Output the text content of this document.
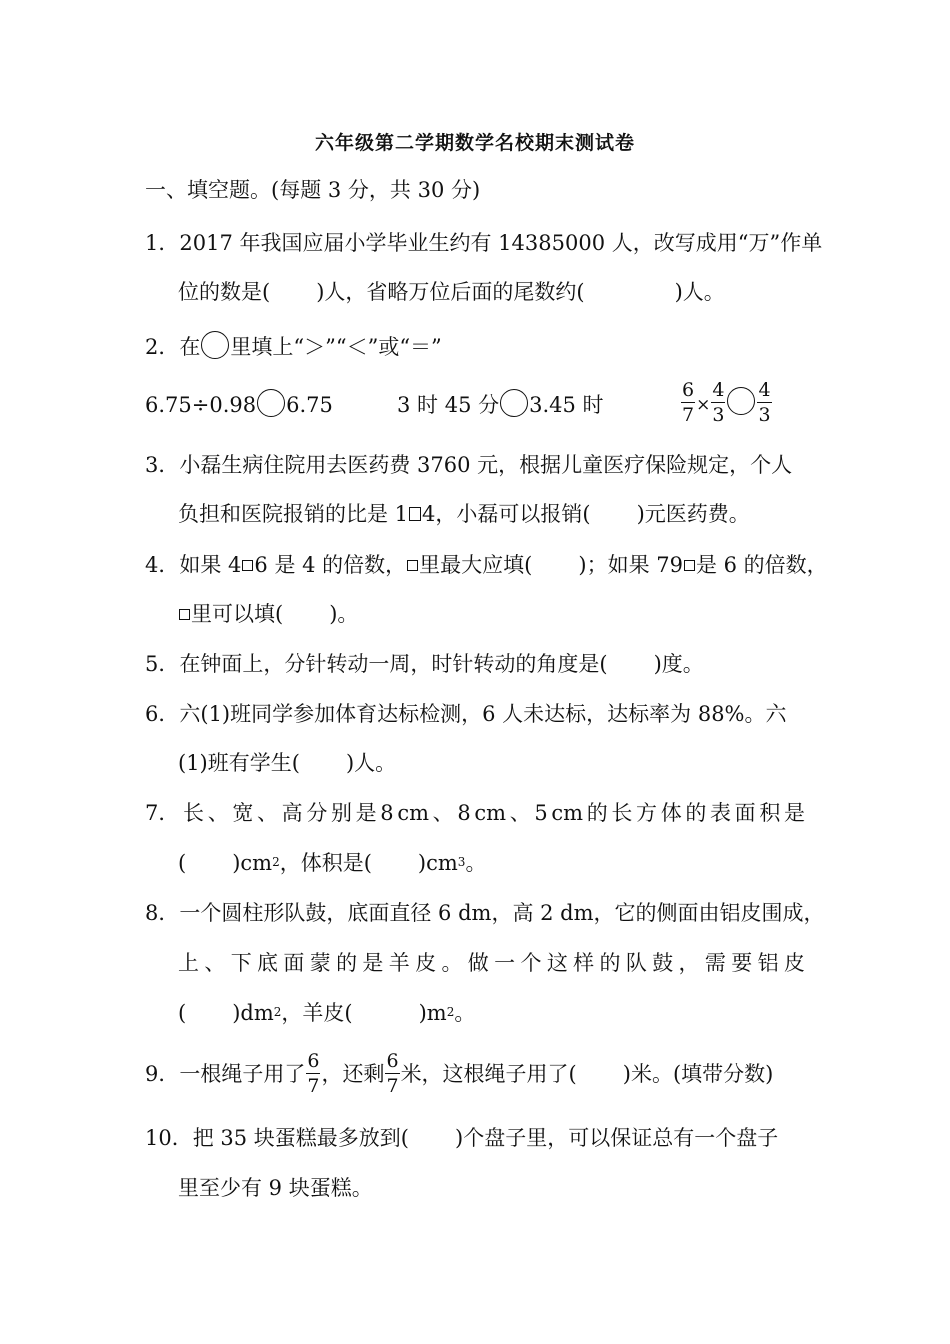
六年级第二学期数学名校期末测试卷
一、填空题。(每题 3 分，共 30 分)
1．2017 年我国应届小学毕业生约有 14385000 人，改写成用“万”作单
位的数是( )人，省略万位后面的尾数约(	)人。
2．在 里填上“＞”“＜”或“＝”
6.75÷0.98 6.75	3 时 45 分 3.45 时	$\frac{6}{7} \times \frac{4}{3} \frac{4}{3}$
3．小磊生病住院用去医药费 3760 元，根据儿童医疗保险规定，个人
负担和医院报销的比是 1 4，小磊可以报销( )元医药费。
4．如果 4 6 是 4 的倍数， 里最大应填( )；如果 79 是 6 的倍数，
里可以填( )。
5．在钟面上，分针转动一周，时针转动的角度是( )度。
6．六(1)班同学参加体育达标检测，6 人未达标，达标率为 88%。六
(1)班有学生( )人。
7． 长 、 宽 、 高 分 别 是 8 cm 、 8 cm 、 5 cm 的 长 方 体 的 表 面 积 是
( )$cm^2$，体积是( )$cm^3$。
8．一个圆柱形队鼓，底面直径 6 dm，高 2 dm，它的侧面由铝皮围成，
上 、 下 底 面 蒙 的 是 羊 皮 。 做 一 个 这 样 的 队 鼓 ， 需 要 铝 皮
( )$dm^2$，羊皮(	)$m^2$。
9．一根绳子用了 $\frac{6}{7}$ ，还剩 $\frac{6}{7}$ 米，这根绳子用了( )米。(填带分数)
10．把 35 块蛋糕最多放到( )个盘子里，可以保证总有一个盘子
里至少有 9 块蛋糕。
